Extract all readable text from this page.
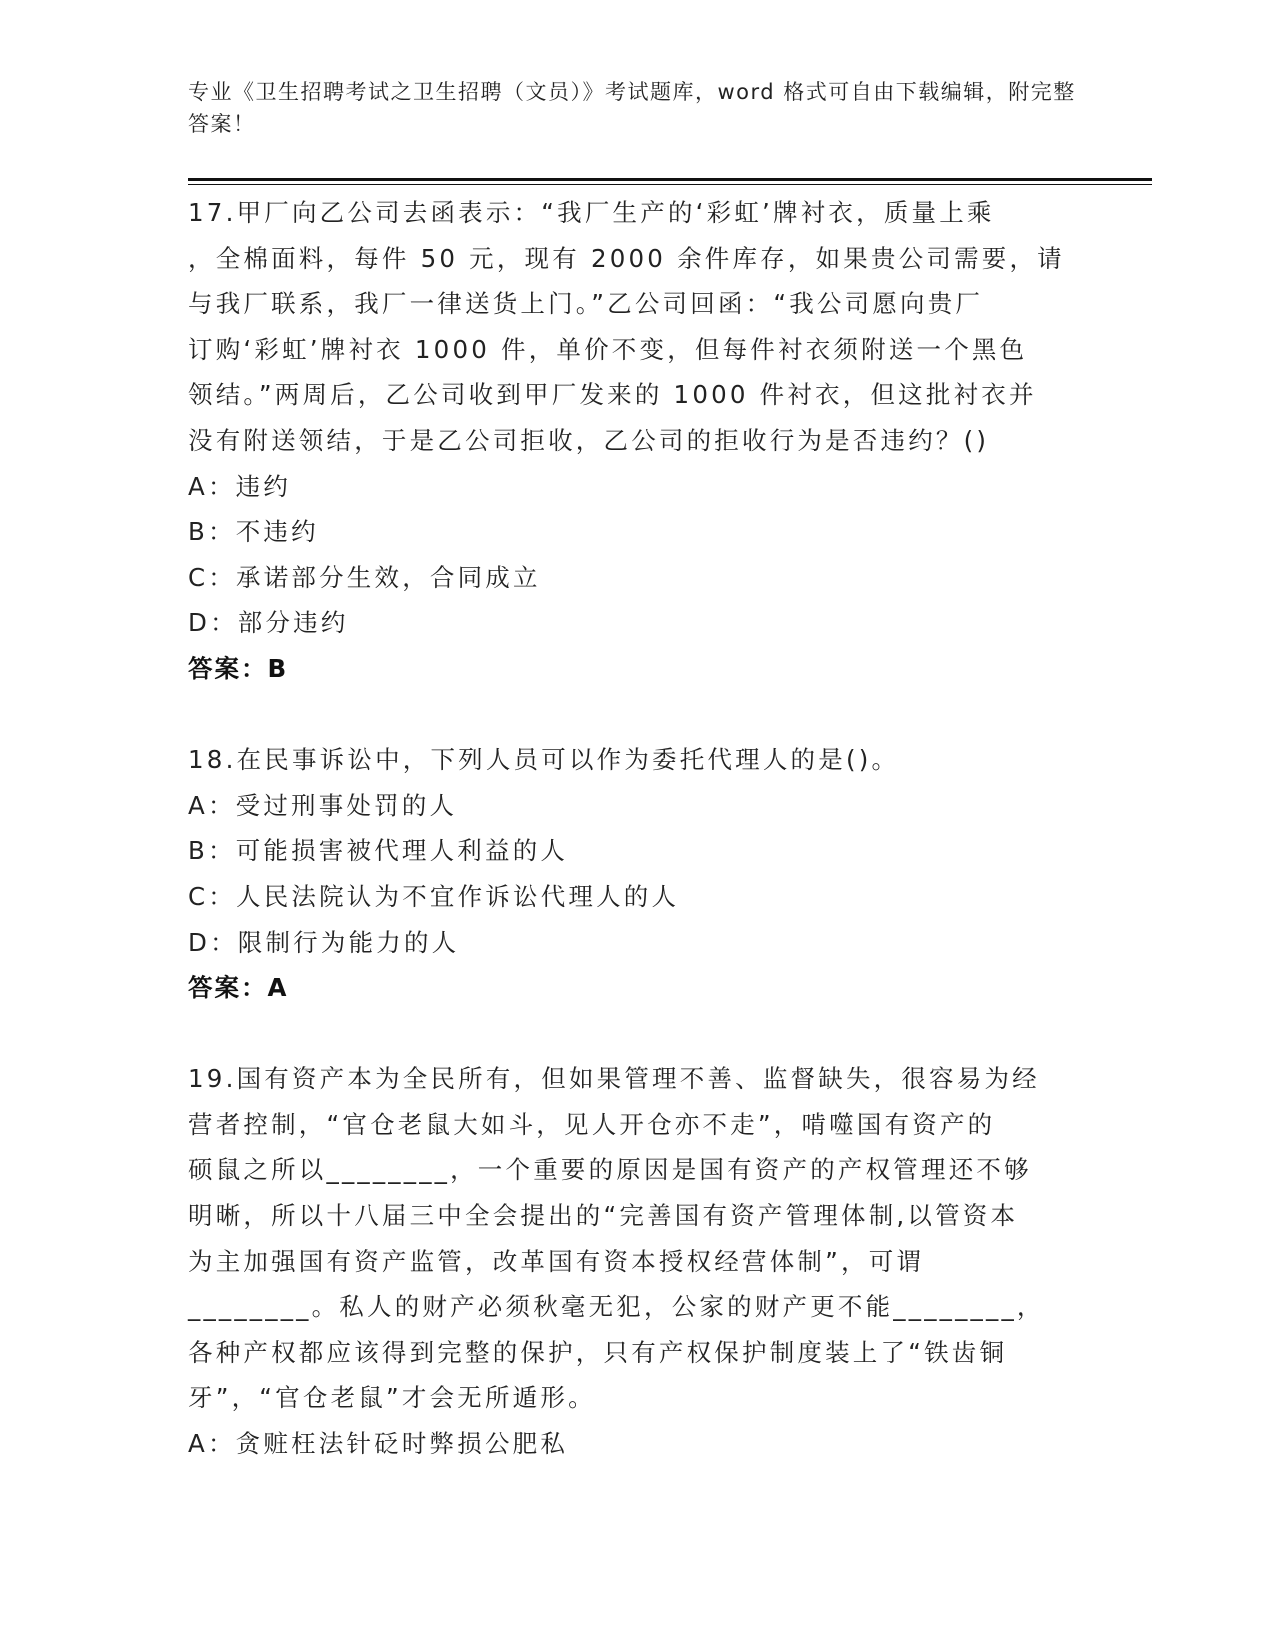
专业《卫生招聘考试之卫生招聘（文员）》考试题库，word 格式可自由下载编辑，附完整答案！

17.甲厂向乙公司去函表示：“我厂生产的‘彩虹’牌衬衣，质量上乘

，全棉面料，每件 50 元，现有 2000 余件库存，如果贵公司需要，请

与我厂联系，我厂一律送货上门。”乙公司回函：“我公司愿向贵厂

订购‘彩虹’牌衬衣 1000 件，单价不变，但每件衬衣须附送一个黑色

领结。”两周后，乙公司收到甲厂发来的 1000 件衬衣，但这批衬衣并

没有附送领结，于是乙公司拒收，乙公司的拒收行为是否违约？()

A：违约

B：不违约

C：承诺部分生效，合同成立

D：部分违约

答案：B

18.在民事诉讼中，下列人员可以作为委托代理人的是()。

A：受过刑事处罚的人

B：可能损害被代理人利益的人

C：人民法院认为不宜作诉讼代理人的人

D：限制行为能力的人

答案：A

19.国有资产本为全民所有，但如果管理不善、监督缺失，很容易为经

营者控制，“官仓老鼠大如斗，见人开仓亦不走”，啃噬国有资产的

硕鼠之所以________，一个重要的原因是国有资产的产权管理还不够

明晰，所以十八届三中全会提出的“完善国有资产管理体制,以管资本

为主加强国有资产监管，改革国有资本授权经营体制”，可谓

________。私人的财产必须秋毫无犯，公家的财产更不能________，

各种产权都应该得到完整的保护，只有产权保护制度装上了“铁齿铜

牙”，“官仓老鼠”才会无所遁形。

A：贪赃枉法针砭时弊损公肥私
